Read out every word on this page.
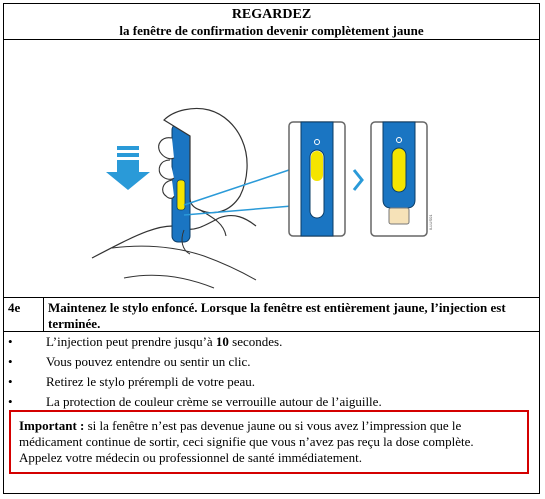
REGARDEZ
la fenêtre de confirmation devenir complètement jaune
ILLUS01
4e	Maintenez le stylo enfoncé. Lorsque la fenêtre est entièrement jaune, l’injection est terminée.
•	L’injection peut prendre jusqu’à 10 secondes.
•	Vous pouvez entendre ou sentir un clic.
•	Retirez le stylo prérempli de votre peau.
•	La protection de couleur crème se verrouille autour de l’aiguille.
Important : si la fenêtre n’est pas devenue jaune ou si vous avez l’impression que le médicament continue de sortir, ceci signifie que vous n’avez pas reçu la dose complète. Appelez votre médecin ou professionnel de santé immédiatement.
